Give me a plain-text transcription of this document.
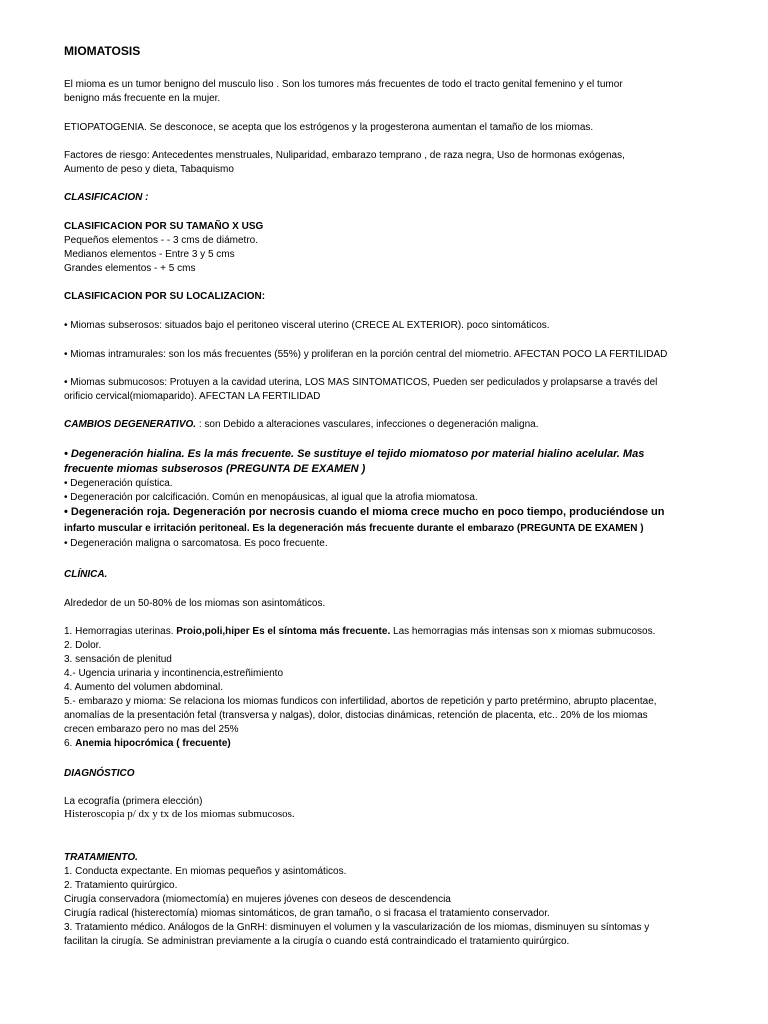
MIOMATOSIS
El mioma es un tumor benigno del musculo liso . Son los tumores más frecuentes de todo el tracto genital femenino y el tumor
benigno más frecuente en la mujer.
ETIOPATOGENIA. Se desconoce, se acepta que los estrógenos y la progesterona aumentan el tamaño de los miomas.
Factores de riesgo: Antecedentes menstruales, Nuliparidad, embarazo temprano , de raza negra, Uso de hormonas exógenas,
Aumento de peso y dieta, Tabaquismo
CLASIFICACION :
CLASIFICACION POR SU TAMAÑO X USG
Pequeños elementos - - 3 cms de diámetro.
Medianos elementos - Entre 3 y 5 cms
Grandes elementos - + 5 cms
CLASIFICACION POR SU LOCALIZACION:
• Miomas subserosos: situados bajo el peritoneo visceral uterino (CRECE AL EXTERIOR). poco sintomáticos.
• Miomas intramurales: son los más frecuentes (55%) y proliferan en la porción central del miometrio. AFECTAN POCO LA FERTILIDAD
• Miomas submucosos: Protuyen a la cavidad uterina, LOS MAS SINTOMATICOS, Pueden ser pediculados y prolapsarse a través del
orificio cervical(miomaparido). AFECTAN LA FERTILIDAD
CAMBIOS DEGENERATIVO. : son Debido a alteraciones vasculares, infecciones o degeneración maligna.
• Degeneración hialina. Es la más frecuente. Se sustituye el tejido miomatoso por material hialino acelular. Mas
frecuente miomas subserosos (PREGUNTA DE EXAMEN )
• Degeneración quística.
• Degeneración por calcificación. Común en menopáusicas, al igual que la atrofia miomatosa.
• Degeneración roja. Degeneración por necrosis cuando el mioma crece mucho en poco tiempo, produciéndose un
infarto muscular e irritación peritoneal. Es la degeneración más frecuente durante el embarazo (PREGUNTA DE EXAMEN )
• Degeneración maligna o sarcomatosa. Es poco frecuente.
CLÍNICA.
Alrededor de un 50-80% de los miomas son asintomáticos.
1. Hemorragias uterinas. Proio,poli,hiper Es el síntoma más frecuente. Las hemorragias más intensas son x miomas submucosos.
2. Dolor.
3. sensación de plenitud
4.- Ugencia urinaria y incontinencia,estreñimiento
4. Aumento del volumen abdominal.
5.- embarazo y mioma: Se relaciona los miomas fundicos con infertilidad, abortos de repetición y parto pretérmino, abrupto placentae,
anomalías de la presentación fetal (transversa y nalgas), dolor, distocias dinámicas, retención de placenta, etc.. 20% de los miomas
crecen embarazo pero no mas del 25%
6. Anemia hipocrómica ( frecuente)
DIAGNÓSTICO
La ecografía (primera elección)
Histeroscopia p/ dx y tx de los miomas submucosos.
TRATAMIENTO.
1. Conducta expectante. En miomas pequeños y asintomáticos.
2. Tratamiento quirúrgico.
Cirugía conservadora (miomectomía) en mujeres jóvenes con deseos de descendencia
Cirugía radical (histerectomía) miomas sintomáticos, de gran tamaño, o si fracasa el tratamiento conservador.
3. Tratamiento médico. Análogos de la GnRH: disminuyen el volumen y la vascularización de los miomas, disminuyen su síntomas y
facilitan la cirugía. Se administran previamente a la cirugía o cuando está contraindicado el tratamiento quirúrgico.
